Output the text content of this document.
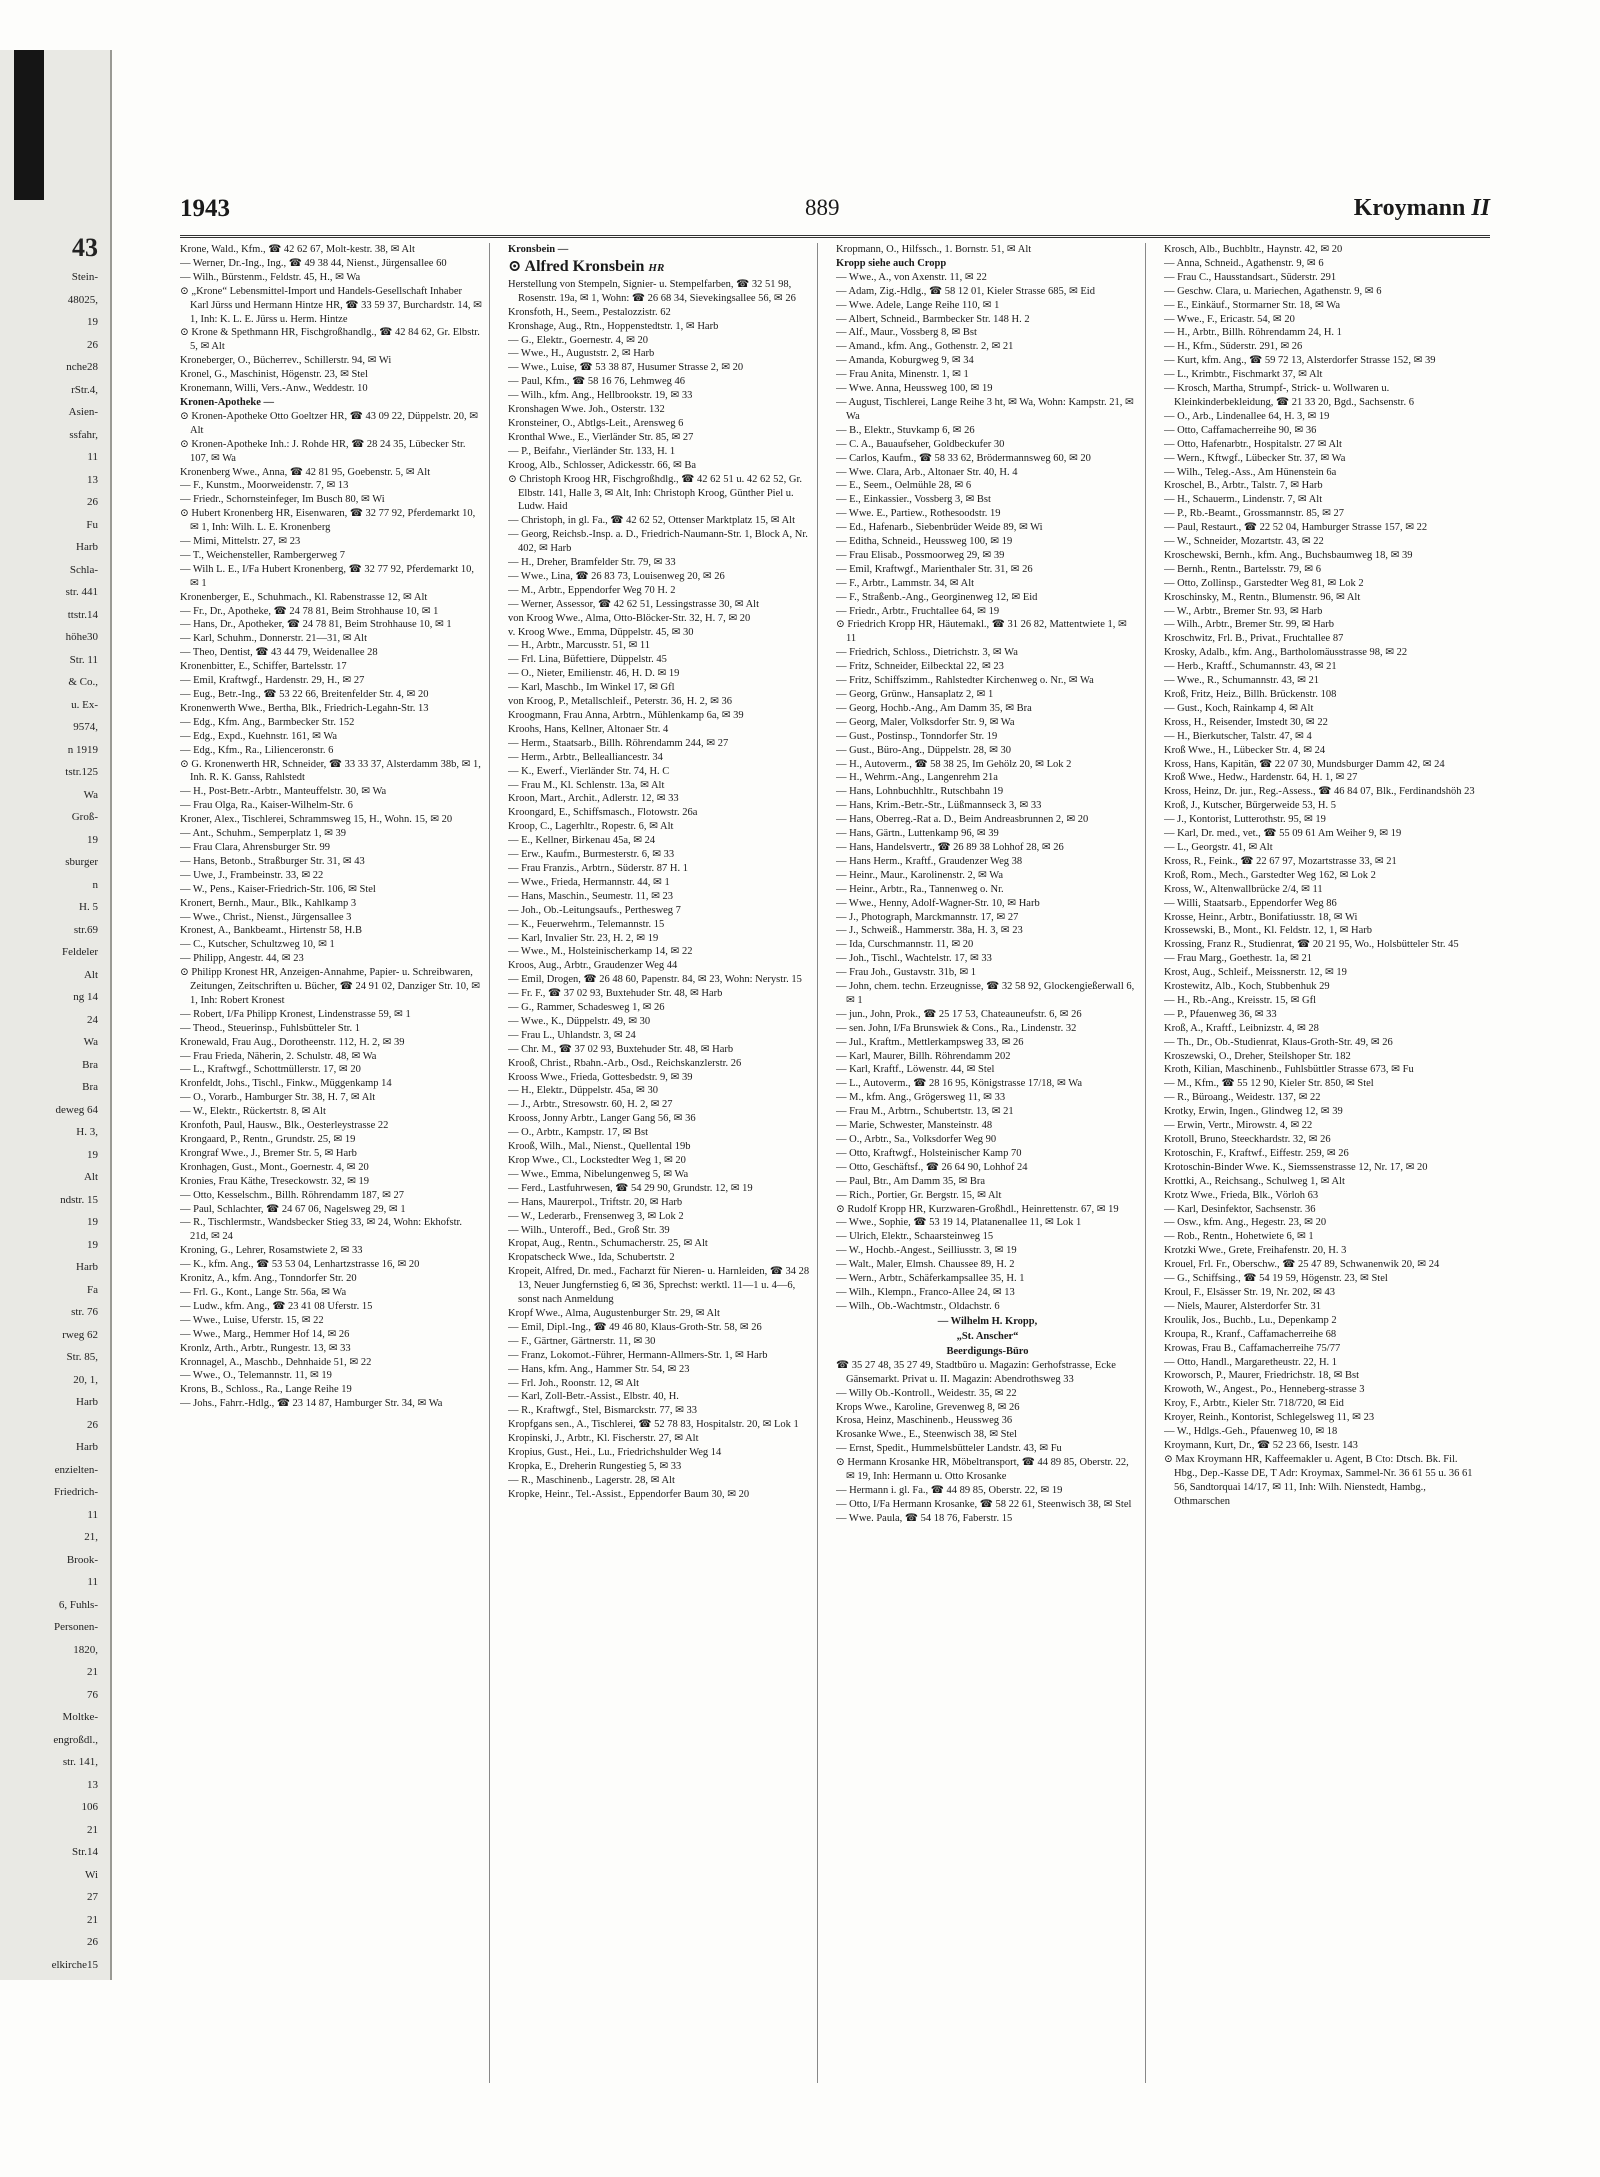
43
Stein-
48025,
19
26
nche28
rStr.4,
Asien-
ssfahr,
11
13
26
Fu
Harb
Schla-
str. 441
ttstr.14
höhe30
Str. 11
& Co.,
u. Ex-
9574,
n 1919
tstr.125
Wa
Groß-
19
sburger
n
H. 5
str.69
Feldeler
Alt
ng 14
24
Wa
Bra
Bra
deweg 64
H. 3,
19
Alt
ndstr. 15
19
19
Harb
Fa
str. 76
rweg 62
Str. 85,
20, 1,
Harb
26
Harb
enzielten-
Friedrich-
11
21,
Brook-
11
6, Fuhls-
Personen-
1820,
21
76
Moltke-
engroßdl.,
str. 141,
13
106
21
Str.14
Wi
27
21
26
elkirche15
1943	889	Kroymann II

Krone, Wald., Kfm., ☎ 42 62 67, Molt-kestr. 38, ✉ Alt

— Werner, Dr.-Ing., Ing., ☎ 49 38 44, Nienst., Jürgensallee 60

— Wilh., Bürstenm., Feldstr. 45, H., ✉ Wa

⊙ „Krone“ Lebensmittel-Import und Handels-Gesellschaft Inhaber Karl Jürss und Hermann Hintze HR, ☎ 33 59 37, Burchardstr. 14, ✉ 1, Inh: K. L. E. Jürss u. Herm. Hintze

⊙ Krone & Spethmann HR, Fischgroßhandlg., ☎ 42 84 62, Gr. Elbstr. 5, ✉ Alt

Kroneberger, O., Bücherrev., Schillerstr. 94, ✉ Wi

Kronel, G., Maschinist, Högenstr. 23, ✉ Stel

Kronemann, Willi, Vers.-Anw., Weddestr. 10

Kronen-Apotheke —

⊙ Kronen-Apotheke Otto Goeltzer HR, ☎ 43 09 22, Düppelstr. 20, ✉ Alt

⊙ Kronen-Apotheke Inh.: J. Rohde HR, ☎ 28 24 35, Lübecker Str. 107, ✉ Wa

Kronenberg Wwe., Anna, ☎ 42 81 95, Goebenstr. 5, ✉ Alt

— F., Kunstm., Moorweidenstr. 7, ✉ 13

— Friedr., Schornsteinfeger, Im Busch 80, ✉ Wi

⊙ Hubert Kronenberg HR, Eisenwaren, ☎ 32 77 92, Pferdemarkt 10, ✉ 1, Inh: Wilh. L. E. Kronenberg

— Mimi, Mittelstr. 27, ✉ 23

— T., Weichensteller, Rambergerweg 7

— Wilh L. E., I/Fa Hubert Kronenberg, ☎ 32 77 92, Pferdemarkt 10, ✉ 1

Kronenberger, E., Schuhmach., Kl. Rabenstrasse 12, ✉ Alt

— Fr., Dr., Apotheke, ☎ 24 78 81, Beim Strohhause 10, ✉ 1

— Hans, Dr., Apotheker, ☎ 24 78 81, Beim Strohhause 10, ✉ 1

— Karl, Schuhm., Donnerstr. 21—31, ✉ Alt

— Theo, Dentist, ☎ 43 44 79, Weidenallee 28

Kronenbitter, E., Schiffer, Bartelsstr. 17

— Emil, Kraftwgf., Hardenstr. 29, H., ✉ 27

— Eug., Betr.-Ing., ☎ 53 22 66, Breitenfelder Str. 4, ✉ 20

Kronenwerth Wwe., Bertha, Blk., Friedrich-Legahn-Str. 13

— Edg., Kfm. Ang., Barmbecker Str. 152

— Edg., Expd., Kuehnstr. 161, ✉ Wa

— Edg., Kfm., Ra., Lilienceronstr. 6

⊙ G. Kronenwerth HR, Schneider, ☎ 33 33 37, Alsterdamm 38b, ✉ 1, Inh. R. K. Ganss, Rahlstedt

— H., Post-Betr.-Arbtr., Manteuffelstr. 30, ✉ Wa

— Frau Olga, Ra., Kaiser-Wilhelm-Str. 6

Kroner, Alex., Tischlerei, Schrammsweg 15, H., Wohn. 15, ✉ 20

— Ant., Schuhm., Semperplatz 1, ✉ 39

— Frau Clara, Ahrensburger Str. 99

— Hans, Betonb., Straßburger Str. 31, ✉ 43

— Uwe, J., Frambeinstr. 33, ✉ 22

— W., Pens., Kaiser-Friedrich-Str. 106, ✉ Stel

Kronert, Bernh., Maur., Blk., Kahlkamp 3

— Wwe., Christ., Nienst., Jürgensallee 3

Kronest, A., Bankbeamt., Hirtenstr 58, H.B

— C., Kutscher, Schultzweg 10, ✉ 1

— Philipp, Angestr. 44, ✉ 23

⊙ Philipp Kronest HR, Anzeigen-Annahme, Papier- u. Schreibwaren, Zeitungen, Zeitschriften u. Bücher, ☎ 24 91 02, Danziger Str. 10, ✉ 1, Inh: Robert Kronest

— Robert, I/Fa Philipp Kronest, Lindenstrasse 59, ✉ 1

— Theod., Steuerinsp., Fuhlsbütteler Str. 1

Kronewald, Frau Aug., Dorotheenstr. 112, H. 2, ✉ 39

— Frau Frieda, Näherin, 2. Schulstr. 48, ✉ Wa

— L., Kraftwgf., Schottmüllerstr. 17, ✉ 20

Kronfeldt, Johs., Tischl., Finkw., Müggenkamp 14

— O., Vorarb., Hamburger Str. 38, H. 7, ✉ Alt

— W., Elektr., Rückertstr. 8, ✉ Alt

Kronfoth, Paul, Hausw., Blk., Oesterleystrasse 22

Krongaard, P., Rentn., Grundstr. 25, ✉ 19

Krongraf Wwe., J., Bremer Str. 5, ✉ Harb

Kronhagen, Gust., Mont., Goernestr. 4, ✉ 20

Kronies, Frau Käthe, Treseckowstr. 32, ✉ 19

— Otto, Kesselschm., Billh. Röhrendamm 187, ✉ 27

— Paul, Schlachter, ☎ 24 67 06, Nagelsweg 29, ✉ 1

— R., Tischlermstr., Wandsbecker Stieg 33, ✉ 24, Wohn: Ekhofstr. 21d, ✉ 24

Kroning, G., Lehrer, Rosamstwiete 2, ✉ 33

— K., kfm. Ang., ☎ 53 53 04, Lenhartzstrasse 16, ✉ 20

Kronitz, A., kfm. Ang., Tonndorfer Str. 20

— Frl. G., Kont., Lange Str. 56a, ✉ Wa

— Ludw., kfm. Ang., ☎ 23 41 08 Uferstr. 15

— Wwe., Luise, Uferstr. 15, ✉ 22

— Wwe., Marg., Hemmer Hof 14, ✉ 26

Kronlz, Arth., Arbtr., Rungestr. 13, ✉ 33

Kronnagel, A., Maschb., Dehnhaide 51, ✉ 22

— Wwe., O., Telemannstr. 11, ✉ 19

Krons, B., Schloss., Ra., Lange Reihe 19

— Johs., Fahrr.-Hdlg., ☎ 23 14 87, Hamburger Str. 34, ✉ Wa

Kronsbein —

⊙ Alfred Kronsbein HR

Herstellung von Stempeln, Signier- u. Stempelfarben, ☎ 32 51 98, Rosenstr. 19a, ✉ 1, Wohn: ☎ 26 68 34, Sievekingsallee 56, ✉ 26

Kronsfoth, H., Seem., Pestalozzistr. 62

Kronshage, Aug., Rtn., Hoppenstedtstr. 1, ✉ Harb

— G., Elektr., Goernestr. 4, ✉ 20

— Wwe., H., Auguststr. 2, ✉ Harb

— Wwe., Luise, ☎ 53 38 87, Husumer Strasse 2, ✉ 20

— Paul, Kfm., ☎ 58 16 76, Lehmweg 46

— Wilh., kfm. Ang., Hellbrookstr. 19, ✉ 33

Kronshagen Wwe. Joh., Osterstr. 132

Kronsteiner, O., Abtlgs-Leit., Arensweg 6

Kronthal Wwe., E., Vierländer Str. 85, ✉ 27

— P., Beifahr., Vierländer Str. 133, H. 1

Kroog, Alb., Schlosser, Adickesstr. 66, ✉ Ba

⊙ Christoph Kroog HR, Fischgroßhdlg., ☎ 42 62 51 u. 42 62 52, Gr. Elbstr. 141, Halle 3, ✉ Alt, Inh: Christoph Kroog, Günther Piel u. Ludw. Haid

— Christoph, in gl. Fa., ☎ 42 62 52, Ottenser Marktplatz 15, ✉ Alt

— Georg, Reichsb.-Insp. a. D., Friedrich-Naumann-Str. 1, Block A, Nr. 402, ✉ Harb

— H., Dreher, Bramfelder Str. 79, ✉ 33

— Wwe., Lina, ☎ 26 83 73, Louisenweg 20, ✉ 26

— M., Arbtr., Eppendorfer Weg 70 H. 2

— Werner, Assessor, ☎ 42 62 51, Lessingstrasse 30, ✉ Alt

von Kroog Wwe., Alma, Otto-Blöcker-Str. 32, H. 7, ✉ 20

v. Kroog Wwe., Emma, Düppelstr. 45, ✉ 30

— H., Arbtr., Marcusstr. 51, ✉ 11

— Frl. Lina, Büfettiere, Düppelstr. 45

— O., Nieter, Emilienstr. 46, H. D. ✉ 19

— Karl, Maschb., Im Winkel 17, ✉ Gfl

von Kroog, P., Metallschleif., Peterstr. 36, H. 2, ✉ 36

Kroogmann, Frau Anna, Arbtrn., Mühlenkamp 6a, ✉ 39

Kroohs, Hans, Kellner, Altonaer Str. 4

— Herm., Staatsarb., Billh. Röhrendamm 244, ✉ 27

— Herm., Arbtr., Bellealliancestr. 34

— K., Ewerf., Vierländer Str. 74, H. C

— Frau M., Kl. Schlenstr. 13a, ✉ Alt

Kroon, Mart., Archit., Adlerstr. 12, ✉ 33

Kroongard, E., Schiffsmasch., Flotowstr. 26a

Kroop, C., Lagerhltr., Ropestr. 6, ✉ Alt

— E., Kellner, Birkenau 45a, ✉ 24

— Erw., Kaufm., Burmesterstr. 6, ✉ 33

— Frau Franzis., Arbtrn., Süderstr. 87 H. 1

— Wwe., Frieda, Hermannstr. 44, ✉ 1

— Hans, Maschin., Seumestr. 11, ✉ 23

— Joh., Ob.-Leitungsaufs., Perthesweg 7

— K., Feuerwehrm., Telemannstr. 15

— Karl, Invalier Str. 23, H. 2, ✉ 19

— Wwe., M., Holsteinischerkamp 14, ✉ 22

Kroos, Aug., Arbtr., Graudenzer Weg 44

— Emil, Drogen, ☎ 26 48 60, Papenstr. 84, ✉ 23, Wohn: Nerystr. 15

— Fr. F., ☎ 37 02 93, Buxtehuder Str. 48, ✉ Harb

— G., Rammer, Schadesweg 1, ✉ 26

— Wwe., K., Düppelstr. 49, ✉ 30

— Frau L., Uhlandstr. 3, ✉ 24

— Chr. M., ☎ 37 02 93, Buxtehuder Str. 48, ✉ Harb

Krooß, Christ., Rbahn.-Arb., Osd., Reichskanzlerstr. 26

Krooss Wwe., Frieda, Gottesbedstr. 9, ✉ 39

— H., Elektr., Düppelstr. 45a, ✉ 30

— J., Arbtr., Stresowstr. 60, H. 2, ✉ 27

Krooss, Jonny Arbtr., Langer Gang 56, ✉ 36

— O., Arbtr., Kampstr. 17, ✉ Bst

Krooß, Wilh., Mal., Nienst., Quellental 19b

Krop Wwe., Cl., Lockstedter Weg 1, ✉ 20

— Wwe., Emma, Nibelungenweg 5, ✉ Wa

— Ferd., Lastfuhrwesen, ☎ 54 29 90, Grundstr. 12, ✉ 19

— Hans, Maurerpol., Triftstr. 20, ✉ Harb

— W., Lederarb., Frensenweg 3, ✉ Lok 2

— Wilh., Unteroff., Bed., Groß Str. 39

Kropat, Aug., Rentn., Schumacherstr. 25, ✉ Alt

Kropatscheck Wwe., Ida, Schubertstr. 2

Kropeit, Alfred, Dr. med., Facharzt für Nieren- u. Harnleiden, ☎ 34 28 13, Neuer Jungfernstieg 6, ✉ 36, Sprechst: werktl. 11—1 u. 4—6, sonst nach Anmeldung

Kropf Wwe., Alma, Augustenburger Str. 29, ✉ Alt

— Emil, Dipl.-Ing., ☎ 49 46 80, Klaus-Groth-Str. 58, ✉ 26

— F., Gärtner, Gärtnerstr. 11, ✉ 30

— Franz, Lokomot.-Führer, Hermann-Allmers-Str. 1, ✉ Harb

— Hans, kfm. Ang., Hammer Str. 54, ✉ 23

— Frl. Joh., Roonstr. 12, ✉ Alt

— Karl, Zoll-Betr.-Assist., Elbstr. 40, H.

— R., Kraftwgf., Stel, Bismarckstr. 77, ✉ 33

Kropfgans sen., A., Tischlerei, ☎ 52 78 83, Hospitalstr. 20, ✉ Lok 1

Kropinski, J., Arbtr., Kl. Fischerstr. 27, ✉ Alt

Kropius, Gust., Hei., Lu., Friedrichshulder Weg 14

Kropka, E., Dreherin Rungestieg 5, ✉ 33

— R., Maschinenb., Lagerstr. 28, ✉ Alt

Kropke, Heinr., Tel.-Assist., Eppendorfer Baum 30, ✉ 20

Kropmann, O., Hilfssch., 1. Bornstr. 51, ✉ Alt

Kropp siehe auch Cropp

— Wwe., A., von Axenstr. 11, ✉ 22

— Adam, Zig.-Hdlg., ☎ 58 12 01, Kieler Strasse 685, ✉ Eid

— Wwe. Adele, Lange Reihe 110, ✉ 1

— Albert, Schneid., Barmbecker Str. 148 H. 2

— Alf., Maur., Vossberg 8, ✉ Bst

— Amand., kfm. Ang., Gothenstr. 2, ✉ 21

— Amanda, Koburgweg 9, ✉ 34

— Frau Anita, Minenstr. 1, ✉ 1

— Wwe. Anna, Heussweg 100, ✉ 19

— August, Tischlerei, Lange Reihe 3 ht, ✉ Wa, Wohn: Kampstr. 21, ✉ Wa

— B., Elektr., Stuvkamp 6, ✉ 26

— C. A., Bauaufseher, Goldbeckufer 30

— Carlos, Kaufm., ☎ 58 33 62, Brödermannsweg 60, ✉ 20

— Wwe. Clara, Arb., Altonaer Str. 40, H. 4

— E., Seem., Oelmühle 28, ✉ 6

— E., Einkassier., Vossberg 3, ✉ Bst

— Wwe. E., Partiew., Rothesoodstr. 19

— Ed., Hafenarb., Siebenbrüder Weide 89, ✉ Wi

— Editha, Schneid., Heussweg 100, ✉ 19

— Frau Elisab., Possmoorweg 29, ✉ 39

— Emil, Kraftwgf., Marienthaler Str. 31, ✉ 26

— F., Arbtr., Lammstr. 34, ✉ Alt

— F., Straßenb.-Ang., Georginenweg 12, ✉ Eid

— Friedr., Arbtr., Fruchtallee 64, ✉ 19

⊙ Friedrich Kropp HR, Häutemakl., ☎ 31 26 82, Mattentwiete 1, ✉ 11

— Friedrich, Schloss., Dietrichstr. 3, ✉ Wa

— Fritz, Schneider, Eilbecktal 22, ✉ 23

— Fritz, Schiffszimm., Rahlstedter Kirchenweg o. Nr., ✉ Wa

— Georg, Grünw., Hansaplatz 2, ✉ 1

— Georg, Hochb.-Ang., Am Damm 35, ✉ Bra

— Georg, Maler, Volksdorfer Str. 9, ✉ Wa

— Gust., Postinsp., Tonndorfer Str. 19

— Gust., Büro-Ang., Düppelstr. 28, ✉ 30

— H., Autoverm., ☎ 58 38 25, Im Gehölz 20, ✉ Lok 2

— H., Wehrm.-Ang., Langenrehm 21a

— Hans, Lohnbuchhltr., Rutschbahn 19

— Hans, Krim.-Betr.-Str., Lüßmannseck 3, ✉ 33

— Hans, Oberreg.-Rat a. D., Beim Andreasbrunnen 2, ✉ 20

— Hans, Gärtn., Luttenkamp 96, ✉ 39

— Hans, Handelsvertr., ☎ 26 89 38 Lohhof 28, ✉ 26

— Hans Herm., Kraftf., Graudenzer Weg 38

— Heinr., Maur., Karolinenstr. 2, ✉ Wa

— Heinr., Arbtr., Ra., Tannenweg o. Nr.

— Wwe., Henny, Adolf-Wagner-Str. 10, ✉ Harb

— J., Photograph, Marckmannstr. 17, ✉ 27

— J., Schweiß., Hammerstr. 38a, H. 3, ✉ 23

— Ida, Curschmannstr. 11, ✉ 20

— Joh., Tischl., Wachtelstr. 17, ✉ 33

— Frau Joh., Gustavstr. 31b, ✉ 1

— John, chem. techn. Erzeugnisse, ☎ 32 58 92, Glockengießerwall 6, ✉ 1

— jun., John, Prok., ☎ 25 17 53, Chateauneufstr. 6, ✉ 26

— sen. John, I/Fa Brunswiek & Cons., Ra., Lindenstr. 32

— Jul., Kraftm., Mettlerkampsweg 33, ✉ 26

— Karl, Maurer, Billh. Röhrendamm 202

— Karl, Kraftf., Löwenstr. 44, ✉ Stel

— L., Autoverm., ☎ 28 16 95, Königstrasse 17/18, ✉ Wa

— M., kfm. Ang., Grögersweg 11, ✉ 33

— Frau M., Arbtrn., Schubertstr. 13, ✉ 21

— Marie, Schwester, Mansteinstr. 48

— O., Arbtr., Sa., Volksdorfer Weg 90

— Otto, Kraftwgf., Holsteinischer Kamp 70

— Otto, Geschäftsf., ☎ 26 64 90, Lohhof 24

— Paul, Btr., Am Damm 35, ✉ Bra

— Rich., Portier, Gr. Bergstr. 15, ✉ Alt

⊙ Rudolf Kropp HR, Kurzwaren-Großhdl., Heinrettenstr. 67, ✉ 19

— Wwe., Sophie, ☎ 53 19 14, Platanenallee 11, ✉ Lok 1

— Ulrich, Elektr., Schaarsteinweg 15

— W., Hochb.-Angest., Seilliusstr. 3, ✉ 19

— Walt., Maler, Elmsh. Chaussee 89, H. 2

— Wern., Arbtr., Schäferkampsallee 35, H. 1

— Wilh., Klempn., Franco-Allee 24, ✉ 13

— Wilh., Ob.-Wachtmstr., Oldachstr. 6

— Wilhelm H. Kropp,

„St. Anscher“

Beerdigungs-Büro

☎ 35 27 48, 35 27 49, Stadtbüro u. Magazin: Gerhofstrasse, Ecke Gänsemarkt. Privat u. II. Magazin: Abendrothsweg 33

— Willy Ob.-Kontroll., Weidestr. 35, ✉ 22

Krops Wwe., Karoline, Grevenweg 8, ✉ 26

Krosa, Heinz, Maschinenb., Heussweg 36

Krosanke Wwe., E., Steenwisch 38, ✉ Stel

— Ernst, Spedit., Hummelsbütteler Landstr. 43, ✉ Fu

⊙ Hermann Krosanke HR, Möbeltransport, ☎ 44 89 85, Oberstr. 22, ✉ 19, Inh: Hermann u. Otto Krosanke

— Hermann i. gl. Fa., ☎ 44 89 85, Oberstr. 22, ✉ 19

— Otto, I/Fa Hermann Krosanke, ☎ 58 22 61, Steenwisch 38, ✉ Stel

— Wwe. Paula, ☎ 54 18 76, Faberstr. 15

Krosch, Alb., Buchbltr., Haynstr. 42, ✉ 20

— Anna, Schneid., Agathenstr. 9, ✉ 6

— Frau C., Hausstandsart., Süderstr. 291

— Geschw. Clara, u. Mariechen, Agathenstr. 9, ✉ 6

— E., Einkäuf., Stormarner Str. 18, ✉ Wa

— Wwe., F., Ericastr. 54, ✉ 20

— H., Arbtr., Billh. Röhrendamm 24, H. 1

— H., Kfm., Süderstr. 291, ✉ 26

— Kurt, kfm. Ang., ☎ 59 72 13, Alsterdorfer Strasse 152, ✉ 39

— L., Krimbtr., Fischmarkt 37, ✉ Alt

— Krosch, Martha, Strumpf-, Strick- u. Wollwaren u. Kleinkinderbekleidung, ☎ 21 33 20, Bgd., Sachsenstr. 6

— O., Arb., Lindenallee 64, H. 3, ✉ 19

— Otto, Caffamacherreihe 90, ✉ 36

— Otto, Hafenarbtr., Hospitalstr. 27 ✉ Alt

— Wern., Kftwgf., Lübecker Str. 37, ✉ Wa

— Wilh., Teleg.-Ass., Am Hünenstein 6a

Kroschel, B., Arbtr., Talstr. 7, ✉ Harb

— H., Schauerm., Lindenstr. 7, ✉ Alt

— P., Rb.-Beamt., Grossmannstr. 85, ✉ 27

— Paul, Restaurt., ☎ 22 52 04, Hamburger Strasse 157, ✉ 22

— W., Schneider, Mozartstr. 43, ✉ 22

Kroschewski, Bernh., kfm. Ang., Buchsbaumweg 18, ✉ 39

— Bernh., Rentn., Bartelsstr. 79, ✉ 6

— Otto, Zollinsp., Garstedter Weg 81, ✉ Lok 2

Kroschinsky, M., Rentn., Blumenstr. 96, ✉ Alt

— W., Arbtr., Bremer Str. 93, ✉ Harb

— Wilh., Arbtr., Bremer Str. 99, ✉ Harb

Kroschwitz, Frl. B., Privat., Fruchtallee 87

Krosky, Adalb., kfm. Ang., Bartholomäusstrasse 98, ✉ 22

— Herb., Kraftf., Schumannstr. 43, ✉ 21

— Wwe., R., Schumannstr. 43, ✉ 21

Kroß, Fritz, Heiz., Billh. Brückenstr. 108

— Gust., Koch, Rainkamp 4, ✉ Alt

Kross, H., Reisender, Imstedt 30, ✉ 22

— H., Bierkutscher, Talstr. 47, ✉ 4

Kroß Wwe., H., Lübecker Str. 4, ✉ 24

Kross, Hans, Kapitän, ☎ 22 07 30, Mundsburger Damm 42, ✉ 24

Kroß Wwe., Hedw., Hardenstr. 64, H. 1, ✉ 27

Kross, Heinz, Dr. jur., Reg.-Assess., ☎ 46 84 07, Blk., Ferdinandshöh 23

Kroß, J., Kutscher, Bürgerweide 53, H. 5

— J., Kontorist, Lutterothstr. 95, ✉ 19

— Karl, Dr. med., vet., ☎ 55 09 61 Am Weiher 9, ✉ 19

— L., Georgstr. 41, ✉ Alt

Kross, R., Feink., ☎ 22 67 97, Mozartstrasse 33, ✉ 21

Kroß, Rom., Mech., Garstedter Weg 162, ✉ Lok 2

Kross, W., Altenwallbrücke 2/4, ✉ 11

— Willi, Staatsarb., Eppendorfer Weg 86

Krosse, Heinr., Arbtr., Bonifatiusstr. 18, ✉ Wi

Krossewski, B., Mont., Kl. Feldstr. 12, 1, ✉ Harb

Krossing, Franz R., Studienrat, ☎ 20 21 95, Wo., Holsbütteler Str. 45

— Frau Marg., Goethestr. 1a, ✉ 21

Krost, Aug., Schleif., Meissnerstr. 12, ✉ 19

Krostewitz, Alb., Koch, Stubbenhuk 29

— H., Rb.-Ang., Kreisstr. 15, ✉ Gfl

— P., Pfauenweg 36, ✉ 33

Kroß, A., Kraftf., Leibnizstr. 4, ✉ 28

— Th., Dr., Ob.-Studienrat, Klaus-Groth-Str. 49, ✉ 26

Kroszewski, O., Dreher, Steilshoper Str. 182

Kroth, Kilian, Maschinenb., Fuhlsbüttler Strasse 673, ✉ Fu

— M., Kfm., ☎ 55 12 90, Kieler Str. 850, ✉ Stel

— R., Büroang., Weidestr. 137, ✉ 22

Krotky, Erwin, Ingen., Glindweg 12, ✉ 39

— Erwin, Vertr., Mirowstr. 4, ✉ 22

Krotoll, Bruno, Steeckhardstr. 32, ✉ 26

Krotoschin, F., Kraftwf., Eiffestr. 259, ✉ 26

Krotoschin-Binder Wwe. K., Siemssenstrasse 12, Nr. 17, ✉ 20

Krottki, A., Reichsang., Schulweg 1, ✉ Alt

Krotz Wwe., Frieda, Blk., Vörloh 63

— Karl, Desinfektor, Sachsenstr. 36

— Osw., kfm. Ang., Hegestr. 23, ✉ 20

— Rob., Rentn., Hohetwiete 6, ✉ 1

Krotzki Wwe., Grete, Freihafenstr. 20, H. 3

Krouel, Frl. Fr., Oberschw., ☎ 25 47 89, Schwanenwik 20, ✉ 24

— G., Schiffsing., ☎ 54 19 59, Högenstr. 23, ✉ Stel

Kroul, F., Elsässer Str. 19, Nr. 202, ✉ 43

— Niels, Maurer, Alsterdorfer Str. 31

Kroulik, Jos., Buchb., Lu., Depenkamp 2

Kroupa, R., Kranf., Caffamacherreihe 68

Krowas, Frau B., Caffamacherreihe 75/77

— Otto, Handl., Margaretheustr. 22, H. 1

Kroworsch, P., Maurer, Friedrichstr. 18, ✉ Bst

Krowoth, W., Angest., Po., Henneberg-strasse 3

Kroy, F., Arbtr., Kieler Str. 718/720, ✉ Eid

Kroyer, Reinh., Kontorist, Schlegelsweg 11, ✉ 23

— W., Hdlgs.-Geh., Pfauenweg 10, ✉ 18

Kroymann, Kurt, Dr., ☎ 52 23 66, Isestr. 143

⊙ Max Kroymann HR, Kaffeemakler u. Agent, B Cto: Dtsch. Bk. Fil. Hbg., Dep.-Kasse DE, T Adr: Kroymax, Sammel-Nr. 36 61 55 u. 36 61 56, Sandtorquai 14/17, ✉ 11, Inh: Wilh. Nienstedt, Hambg., Othmarschen
